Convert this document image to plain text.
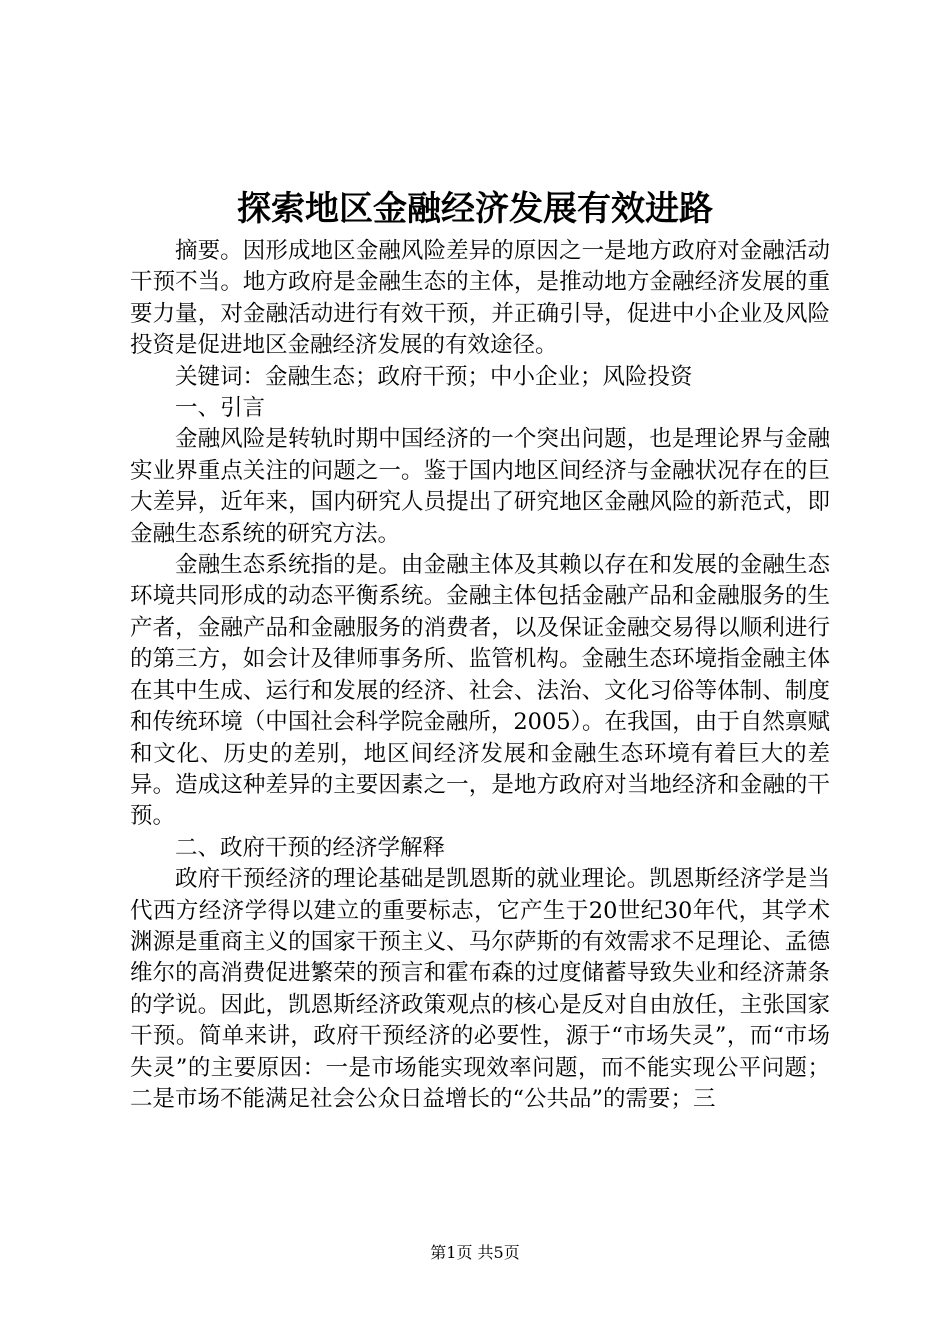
探索地区金融经济发展有效进路

摘要。因形成地区金融风险差异的原因之一是地方政府对金融活动干预不当。地方政府是金融生态的主体，是推动地方金融经济发展的重要力量，对金融活动进行有效干预，并正确引导，促进中小企业及风险投资是促进地区金融经济发展的有效途径。

关键词：金融生态；政府干预；中小企业；风险投资

一、引言

金融风险是转轨时期中国经济的一个突出问题，也是理论界与金融实业界重点关注的问题之一。鉴于国内地区间经济与金融状况存在的巨大差异，近年来，国内研究人员提出了研究地区金融风险的新范式，即金融生态系统的研究方法。

金融生态系统指的是。由金融主体及其赖以存在和发展的金融生态环境共同形成的动态平衡系统。金融主体包括金融产品和金融服务的生产者，金融产品和金融服务的消费者，以及保证金融交易得以顺利进行的第三方，如会计及律师事务所、监管机构。金融生态环境指金融主体在其中生成、运行和发展的经济、社会、法治、文化习俗等体制、制度和传统环境（中国社会科学院金融所，2005）。在我国，由于自然禀赋和文化、历史的差别，地区间经济发展和金融生态环境有着巨大的差异。造成这种差异的主要因素之一，是地方政府对当地经济和金融的干预。

二、政府干预的经济学解释

政府干预经济的理论基础是凯恩斯的就业理论。凯恩斯经济学是当代西方经济学得以建立的重要标志，它产生于20世纪30年代，其学术渊源是重商主义的国家干预主义、马尔萨斯的有效需求不足理论、孟德维尔的高消费促进繁荣的预言和霍布森的过度储蓄导致失业和经济萧条的学说。因此，凯恩斯经济政策观点的核心是反对自由放任，主张国家干预。简单来讲，政府干预经济的必要性，源于“市场失灵”，而“市场失灵”的主要原因：一是市场能实现效率问题，而不能实现公平问题；二是市场不能满足社会公众日益增长的“公共品”的需要；三

第1页 共5页
